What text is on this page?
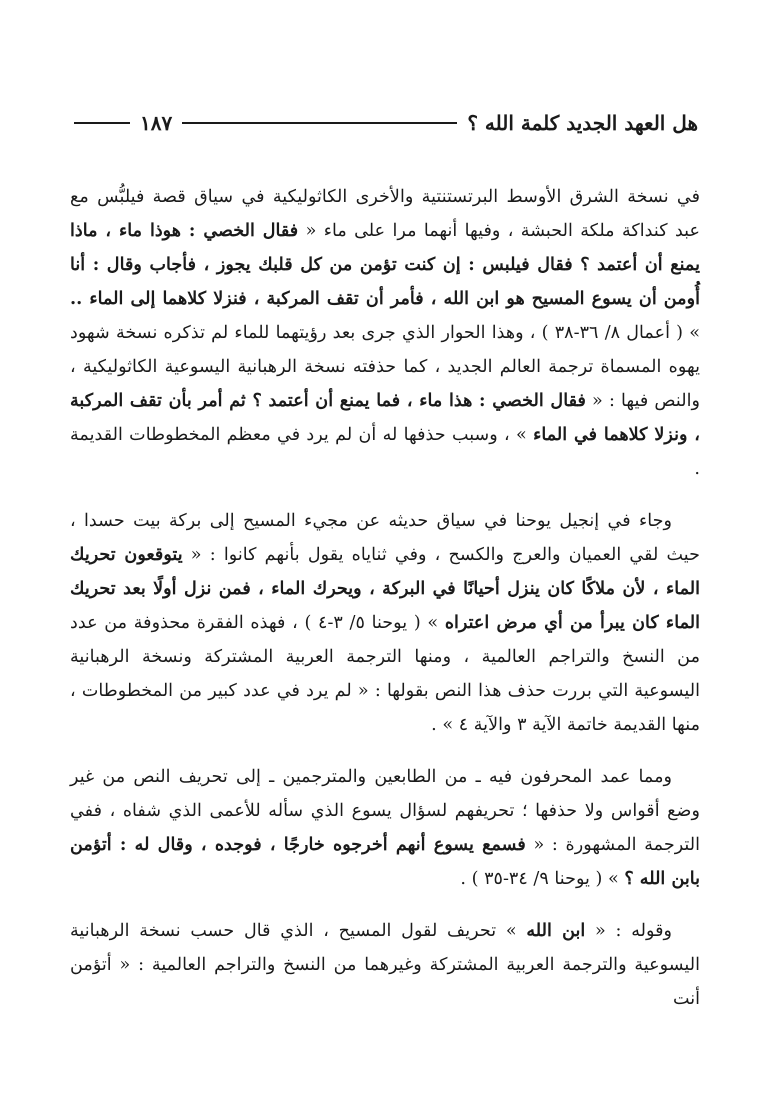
هل العهد الجديد كلمة الله ؟
١٨٧

في نسخة الشرق الأوسط البرتستنتية والأخرى الكاثوليكية في سياق قصة فيلبُّس مع عبد كنداكة ملكة الحبشة ، وفيها أنهما مرا على ماء « فقال الخصي : هوذا ماء ، ماذا يمنع أن أعتمد ؟ فقال فيلبس : إن كنت تؤمن من كل قلبك يجوز ، فأجاب وقال : أنا أُومن أن يسوع المسيح هو ابن الله ، فأمر أن تقف المركبة ، فنزلا كلاهما إلى الماء .. » ( أعمال ٨/ ٣٦-٣٨ ) ، وهذا الحوار الذي جرى بعد رؤيتهما للماء لم تذكره نسخة شهود يهوه المسماة ترجمة العالم الجديد ، كما حذفته نسخة الرهبانية اليسوعية الكاثوليكية ، والنص فيها : « فقال الخصي : هذا ماء ، فما يمنع أن أعتمد ؟ ثم أمر بأن تقف المركبة ، ونزلا كلاهما في الماء » ، وسبب حذفها له أن لم يرد في معظم المخطوطات القديمة .

وجاء في إنجيل يوحنا في سياق حديثه عن مجيء المسيح إلى بركة بيت حسدا ، حيث لقي العميان والعرج والكسح ، وفي ثناياه يقول بأنهم كانوا : « يتوقعون تحريك الماء ، لأن ملاكًا كان ينزل أحيانًا في البركة ، ويحرك الماء ، فمن نزل أولًا بعد تحريك الماء كان يبرأ من أي مرض اعتراه » ( يوحنا ٥/ ٣-٤ ) ، فهذه الفقرة محذوفة من عدد من النسخ والتراجم العالمية ، ومنها الترجمة العربية المشتركة ونسخة الرهبانية اليسوعية التي بررت حذف هذا النص بقولها : « لم يرد في عدد كبير من المخطوطات ، منها القديمة خاتمة الآية ٣ والآية ٤ » .

ومما عمد المحرفون فيه ـ من الطابعين والمترجمين ـ إلى تحريف النص من غير وضع أقواس ولا حذفها ؛ تحريفهم لسؤال يسوع الذي سأله للأعمى الذي شفاه ، ففي الترجمة المشهورة : « فسمع يسوع أنهم أخرجوه خارجًا ، فوجده ، وقال له : أتؤمن بابن الله ؟ » ( يوحنا ٩/ ٣٤-٣٥ ) .

وقوله : « ابن الله » تحريف لقول المسيح ، الذي قال حسب نسخة الرهبانية اليسوعية والترجمة العربية المشتركة وغيرهما من النسخ والتراجم العالمية : « أتؤمن أنت
